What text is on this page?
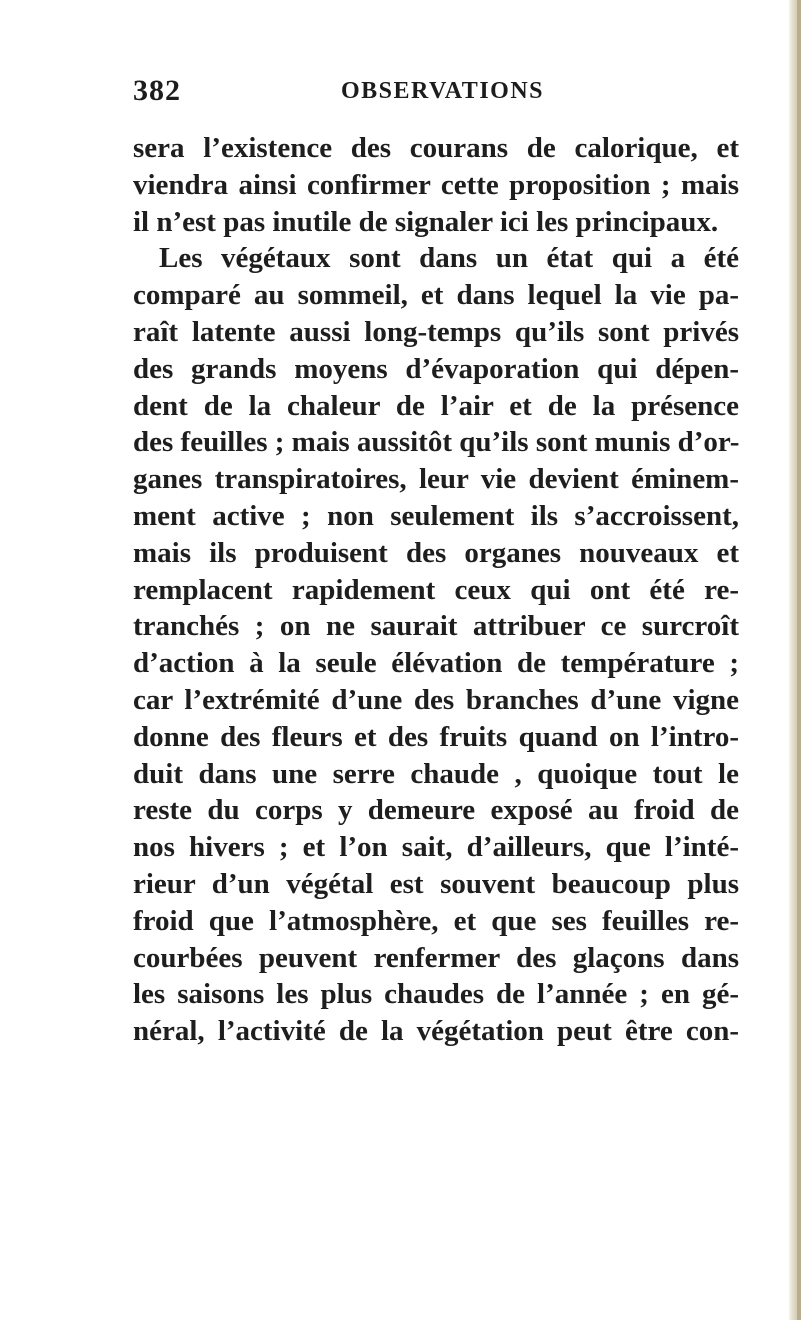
382	OBSERVATIONS
sera l’existence des courans de calorique, et
viendra ainsi confirmer cette proposition ; mais
il n’est pas inutile de signaler ici les principaux.
Les végétaux sont dans un état qui a été
comparé au sommeil, et dans lequel la vie pa-
raît latente aussi long-temps qu’ils sont privés
des grands moyens d’évaporation qui dépen-
dent de la chaleur de l’air et de la présence
des feuilles ; mais aussitôt qu’ils sont munis d’or-
ganes transpiratoires, leur vie devient éminem-
ment active ; non seulement ils s’accroissent,
mais ils produisent des organes nouveaux et
remplacent rapidement ceux qui ont été re-
tranchés ; on ne saurait attribuer ce surcroît
d’action à la seule élévation de température ;
car l’extrémité d’une des branches d’une vigne
donne des fleurs et des fruits quand on l’intro-
duit dans une serre chaude , quoique tout le
reste du corps y demeure exposé au froid de
nos hivers ; et l’on sait, d’ailleurs, que l’inté-
rieur d’un végétal est souvent beaucoup plus
froid que l’atmosphère, et que ses feuilles re-
courbées peuvent renfermer des glaçons dans
les saisons les plus chaudes de l’année ; en gé-
néral, l’activité de la végétation peut être con-
